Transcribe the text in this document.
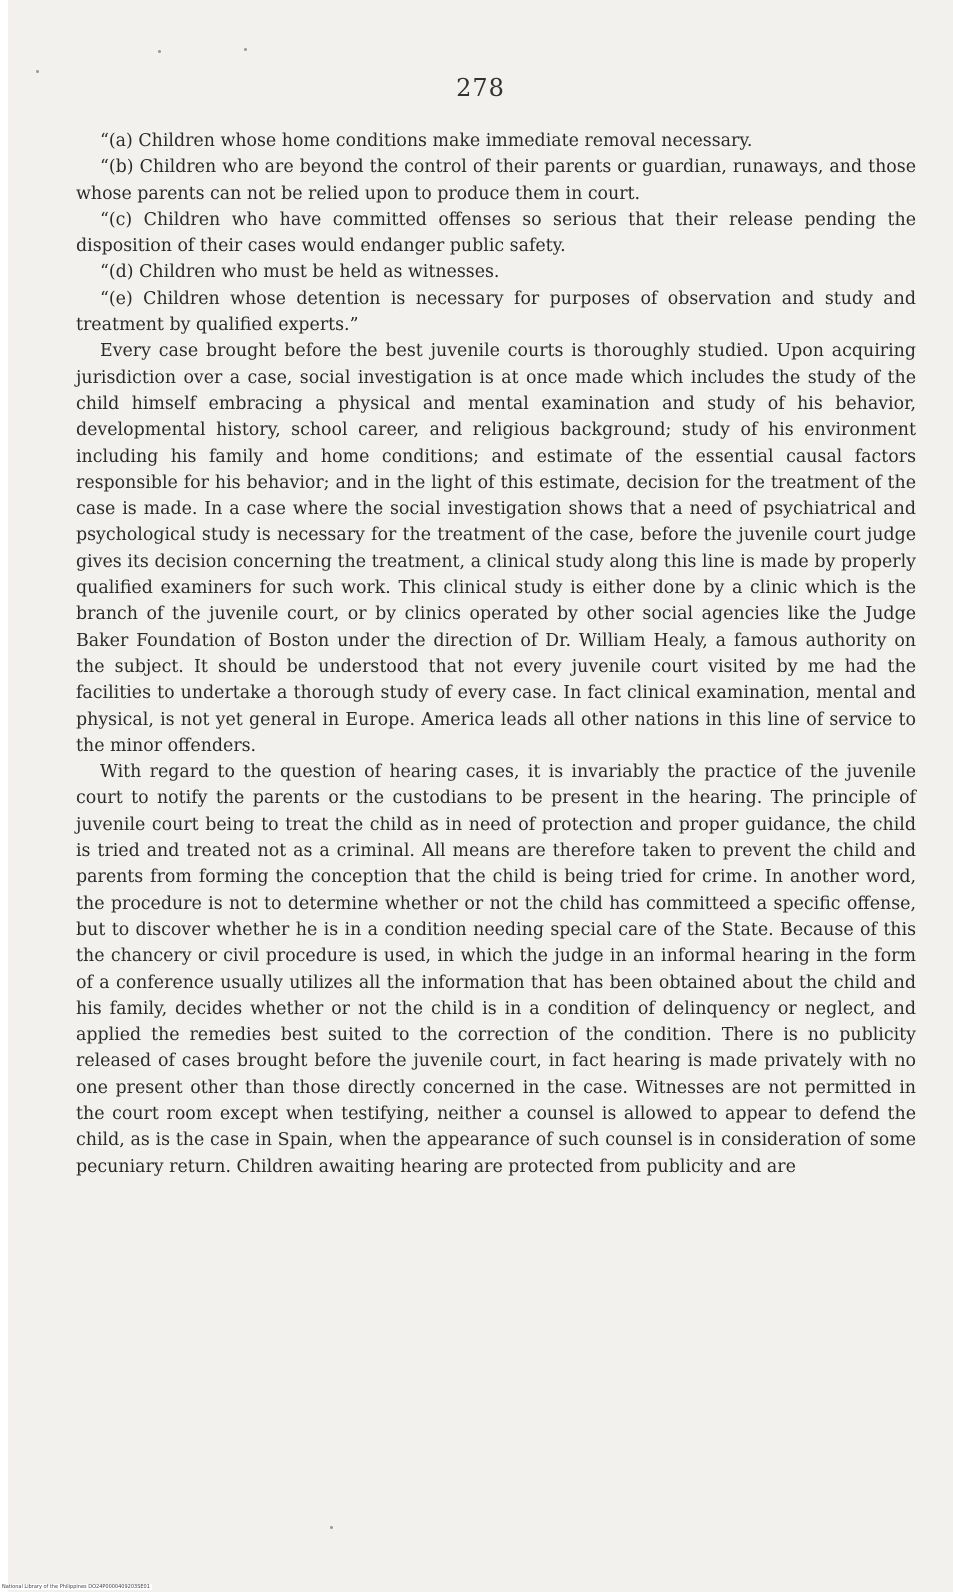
278

“(a) Children whose home conditions make immediate removal necessary.

“(b) Children who are beyond the control of their parents or guardian, runaways, and those whose parents can not be relied upon to produce them in court.

“(c) Children who have committed offenses so serious that their release pending the disposition of their cases would endanger public safety.

“(d) Children who must be held as witnesses.

“(e) Children whose detention is necessary for purposes of observation and study and treatment by qualified experts.”

Every case brought before the best juvenile courts is thoroughly studied. Upon acquiring jurisdiction over a case, social investigation is at once made which includes the study of the child himself embracing a physical and mental examination and study of his behavior, developmental history, school career, and religious background; study of his environment including his family and home conditions; and estimate of the essential causal factors responsible for his behavior; and in the light of this estimate, decision for the treatment of the case is made. In a case where the social investigation shows that a need of psychiatrical and psychological study is necessary for the treatment of the case, before the juvenile court judge gives its decision concerning the treatment, a clinical study along this line is made by properly qualified examiners for such work. This clinical study is either done by a clinic which is the branch of the juvenile court, or by clinics operated by other social agencies like the Judge Baker Foundation of Boston under the direction of Dr. William Healy, a famous authority on the subject. It should be understood that not every juvenile court visited by me had the facilities to undertake a thorough study of every case. In fact clinical examination, mental and physical, is not yet general in Europe. America leads all other nations in this line of service to the minor offenders.

With regard to the question of hearing cases, it is invariably the practice of the juvenile court to notify the parents or the custodians to be present in the hearing. The principle of juvenile court being to treat the child as in need of protection and proper guidance, the child is tried and treated not as a criminal. All means are therefore taken to prevent the child and parents from forming the conception that the child is being tried for crime. In another word, the procedure is not to determine whether or not the child has committeed a specific offense, but to discover whether he is in a condition needing special care of the State. Because of this the chancery or civil procedure is used, in which the judge in an informal hearing in the form of a conference usually utilizes all the information that has been obtained about the child and his family, decides whether or not the child is in a condition of delinquency or neglect, and applied the remedies best suited to the correction of the condition. There is no publicity released of cases brought before the juvenile court, in fact hearing is made privately with no one present other than those directly concerned in the case. Witnesses are not permitted in the court room except when testifying, neither a counsel is allowed to appear to defend the child, as is the case in Spain, when the appearance of such counsel is in consideration of some pecuniary return. Children awaiting hearing are protected from publicity and are

National Library of the Philippines DO24P0000409203SE01
